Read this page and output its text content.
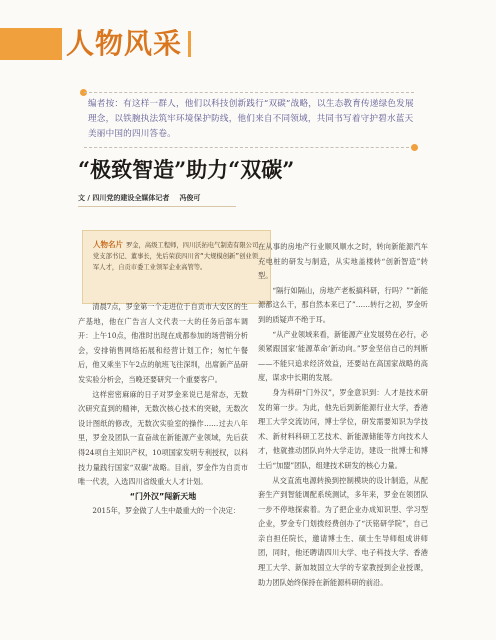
人物风采
编者按：有这样一群人，他们以科技创新践行“双碳”战略，以生态教育传递绿色发展理念，以铁腕执法筑牢环境保护防线，他们来自不同领域，共同书写着守护碧水蓝天美丽中国的四川答卷。
“极致智造”助力“双碳”
文 / 四川党的建设全媒体记者 冯俊可
人物名片 罗金，高级工程师，四川沃拓电气制造有限公司党支部书记、董事长，先后荣获四川省“大规模创新”创业领军人才，自贡市委工业领军企业高管等。

清晨7点，罗金第一个走进位于自贡市大安区的生产基地，他在广告言人文代表一大的任务后部车调开：上午10点，他准时出现在成都参加的场营销分析会，安排销售网络拓展和经营计划工作；匆忙午餐后，他又乘坐下午2点的航班飞往深圳，出席新产品研发实验分析会，当晚还要研究一个重要客户。

这样密密麻麻的日子对罗金来说已是常态，无数次研究直到的精神，无数次核心技术的突破，无数次设计图纸的修改，无数次实验室的操作……过去八年里，罗金及团队一直奋战在新能源产业领域，先后获得24项自主知识产权，10项国家发明专利授权，以科技力量践行国家“双碳”战略。目前，罗金作为自贡市唯一代表，入选四川省级重大人才计划。

“门外汉”闯新天地

2015年，罗金做了人生中最重大的一个决定：

在从事的房地产行业顺风顺水之时，转向新能源汽车充电桩的研发与制造，从实地盖楼转“创新智造”转型。

“隔行如隔山，房地产老板搞科研，行吗？”“新能源都这么干，那自然本来已了”……转行之初，罗金听到的质疑声不绝于耳。

“从产业领域来看，新能源产业发展势在必行，必须紧跟国家‘能源革命’新动向。”罗金坚信自己的判断——不能只追求经济效益，还要站在高国家战略的高度，谋求中长期的发展。

身为科研“门外汉”，罗金意识到：人才是技术研发的第一步。为此，他先后到新能源行业大学，香港理工大学交流访问，博士学位，研发需要知识为学技术、新材料科研工艺技术、新能源储能等方向技术人才，他就推动团队向外大学走访，建设一批博士和博士后“加盟”团队，组建技术研发的核心力量。

从交直流电源转换到控制模块的设计制造，从配套生产到智能调配系统测试，多年来，罗金在领团队一步不停地探索着。为了把企业办成知识型、学习型企业，罗金专门划拨经费创办了“沃铭研学院”，自己亲自担任院长，邀请博士生、硕士生导师组成讲师团，同时，他还聘请四川大学、电子科技大学、香港理工大学、新加坡国立大学的专家教授到企业授课，助力团队始终保持在新能源科研的前沿。
